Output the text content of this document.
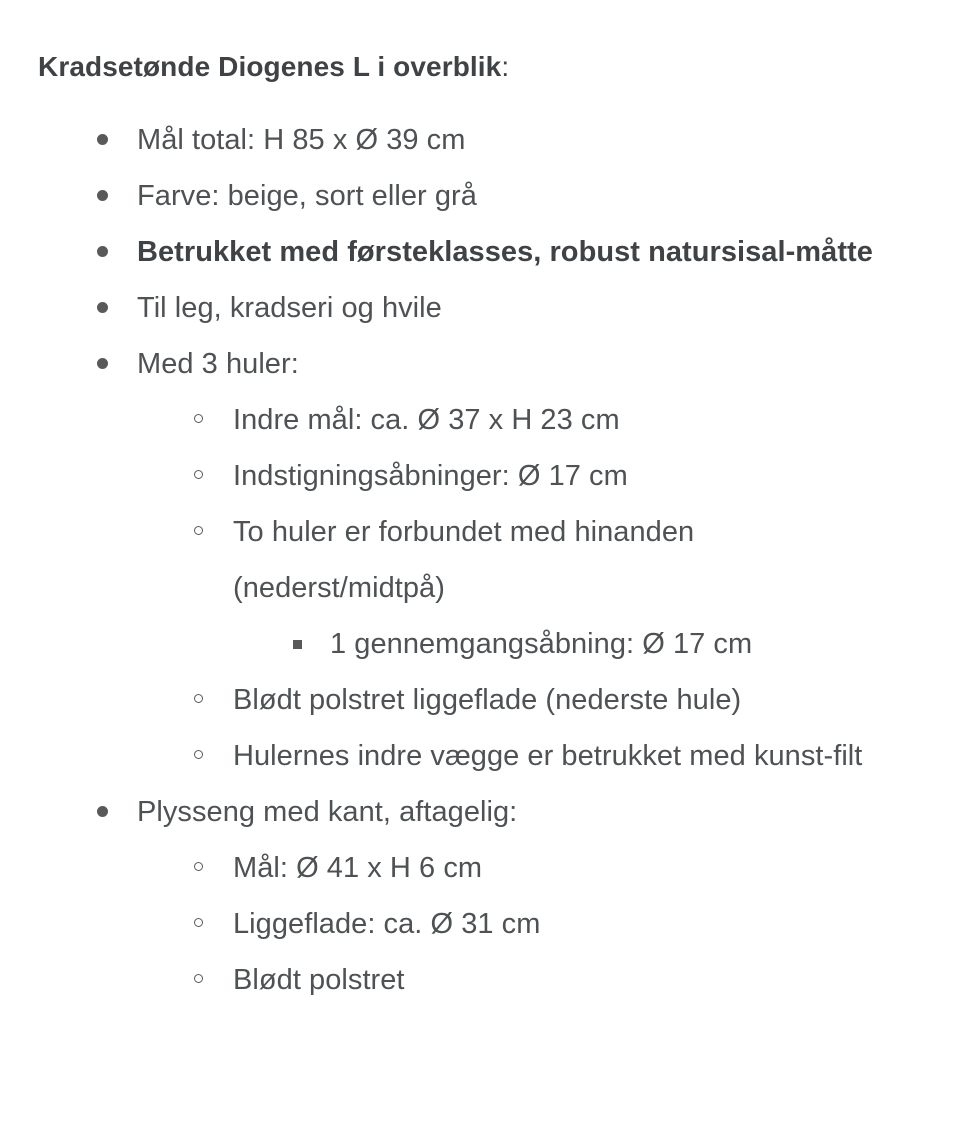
Kradsetønde Diogenes L i overblik:
Mål total: H 85 x Ø 39 cm
Farve: beige, sort eller grå
Betrukket med førsteklasses, robust natursisal-måtte
Til leg, kradseri og hvile
Med 3 huler:
Indre mål: ca. Ø 37 x H 23 cm
Indstigningsåbninger: Ø 17 cm
To huler er forbundet med hinanden (nederst/midtpå)
1 gennemgangsåbning: Ø 17 cm
Blødt polstret liggeflade (nederste hule)
Hulernes indre vægge er betrukket med kunst-filt
Plysseng med kant, aftagelig:
Mål: Ø 41 x H 6 cm
Liggeflade: ca. Ø 31 cm
Blødt polstret
